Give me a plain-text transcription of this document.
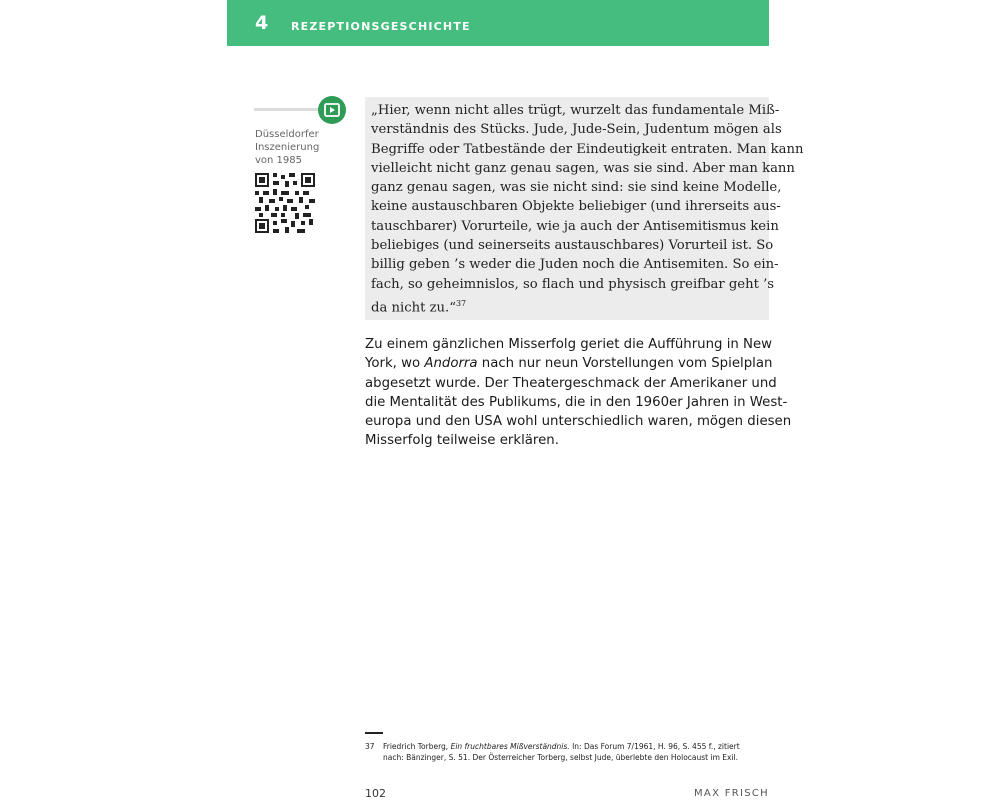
4 REZEPTIONSGESCHICHTE
Düsseldorfer
Inszenierung
von 1985
„Hier, wenn nicht alles trügt, wurzelt das fundamentale Miß-
verständnis des Stücks. Jude, Jude-Sein, Judentum mögen als
Begriffe oder Tatbestände der Eindeutigkeit entraten. Man kann
vielleicht nicht ganz genau sagen, was sie sind. Aber man kann
ganz genau sagen, was sie nicht sind: sie sind keine Modelle,
keine austauschbaren Objekte beliebiger (und ihrerseits aus-
tauschbarer) Vorurteile, wie ja auch der Antisemitismus kein
beliebiges (und seinerseits austauschbares) Vorurteil ist. So
billig geben ’s weder die Juden noch die Antisemiten. So ein-
fach, so geheimnislos, so flach und physisch greifbar geht ’s
da nicht zu.“$^{37}$
Zu einem gänzlichen Misserfolg geriet die Aufführung in New
York, wo Andorra nach nur neun Vorstellungen vom Spielplan
abgesetzt wurde. Der Theatergeschmack der Amerikaner und
die Mentalität des Publikums, die in den 1960er Jahren in West-
europa und den USA wohl unterschiedlich waren, mögen diesen
Misserfolg teilweise erklären.
37 Friedrich Torberg, Ein fruchtbares Mißverständnis. In: Das Forum 7/1961, H. 96, S. 455 f., zitiert
nach: Bänzinger, S. 51. Der Österreicher Torberg, selbst Jude, überlebte den Holocaust im Exil.
102	MAX FRISCH
